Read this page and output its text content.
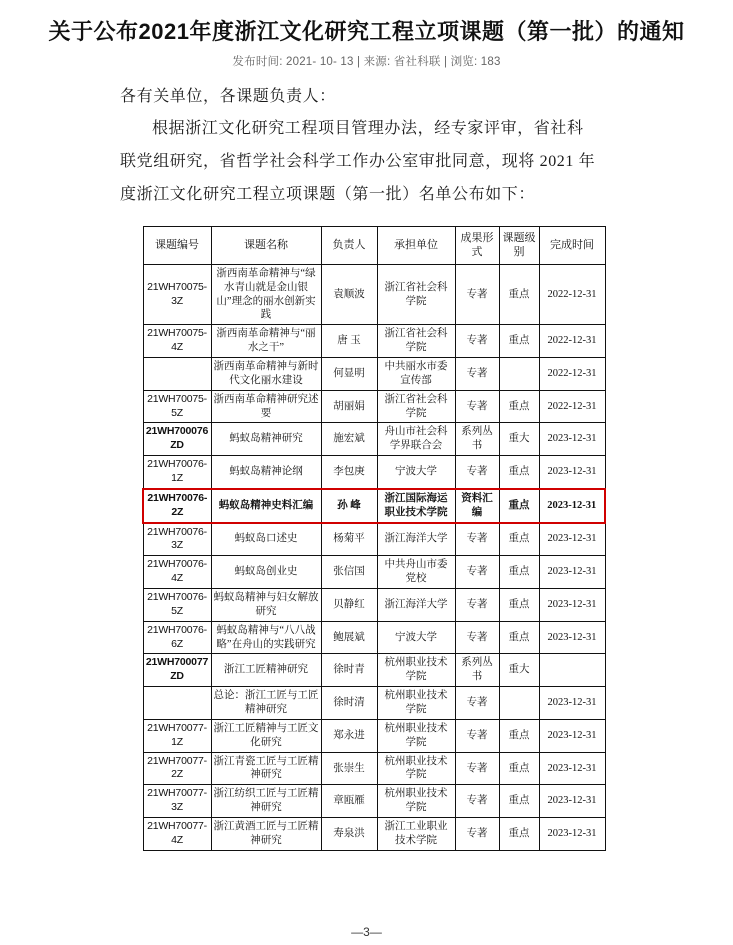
关于公布2021年度浙江文化研究工程立项课题（第一批）的通知
发布时间: 2021- 10- 13 | 来源: 省社科联 | 浏览: 183
各有关单位，各课题负责人：
根据浙江文化研究工程项目管理办法，经专家评审，省社科
联党组研究，省哲学社会科学工作办公室审批同意，现将 2021 年
度浙江文化研究工程立项课题（第一批）名单公布如下：
课题编号	课题名称	负责人	承担单位	成果形式	课题级别	完成时间
21WH70075-3Z	浙西南革命精神与“绿水青山就是金山银山”理念的丽水创新实践	袁顺波	浙江省社会科学院	专著	重点	2022-12-31
21WH70075-4Z	浙西南革命精神与“丽水之干”	唐 玉	浙江省社会科学院	专著	重点	2022-12-31
	浙西南革命精神与新时代文化丽水建设	何显明	中共丽水市委宣传部	专著		2022-12-31
21WH70075-5Z	浙西南革命精神研究述要	胡丽娟	浙江省社会科学院	专著	重点	2022-12-31
21WH700076ZD	蚂蚁岛精神研究	施宏斌	舟山市社会科学界联合会	系列丛书	重大	2023-12-31
21WH70076-1Z	蚂蚁岛精神论纲	李包庚	宁波大学	专著	重点	2023-12-31
21WH70076-2Z	蚂蚁岛精神史料汇编	孙 峰	浙江国际海运职业技术学院	资料汇编	重点	2023-12-31
21WH70076-3Z	蚂蚁岛口述史	杨菊平	浙江海洋大学	专著	重点	2023-12-31
21WH70076-4Z	蚂蚁岛创业史	张信国	中共舟山市委党校	专著	重点	2023-12-31
21WH70076-5Z	蚂蚁岛精神与妇女解放研究	贝静红	浙江海洋大学	专著	重点	2023-12-31
21WH70076-6Z	蚂蚁岛精神与“八八战略”在舟山的实践研究	鲍展斌	宁波大学	专著	重点	2023-12-31
21WH700077ZD	浙江工匠精神研究	徐时青	杭州职业技术学院	系列丛书	重大	
	总论：浙江工匠与工匠精神研究	徐时清	杭州职业技术学院	专著		2023-12-31
21WH70077-1Z	浙江工匠精神与工匠文化研究	郑永进	杭州职业技术学院	专著	重点	2023-12-31
21WH70077-2Z	浙江青瓷工匠与工匠精神研究	张崇生	杭州职业技术学院	专著	重点	2023-12-31
21WH70077-3Z	浙江纺织工匠与工匠精神研究	章瓯雁	杭州职业技术学院	专著	重点	2023-12-31
21WH70077-4Z	浙江黄酒工匠与工匠精神研究	寿泉洪	浙江工业职业技术学院	专著	重点	2023-12-31
—3—
